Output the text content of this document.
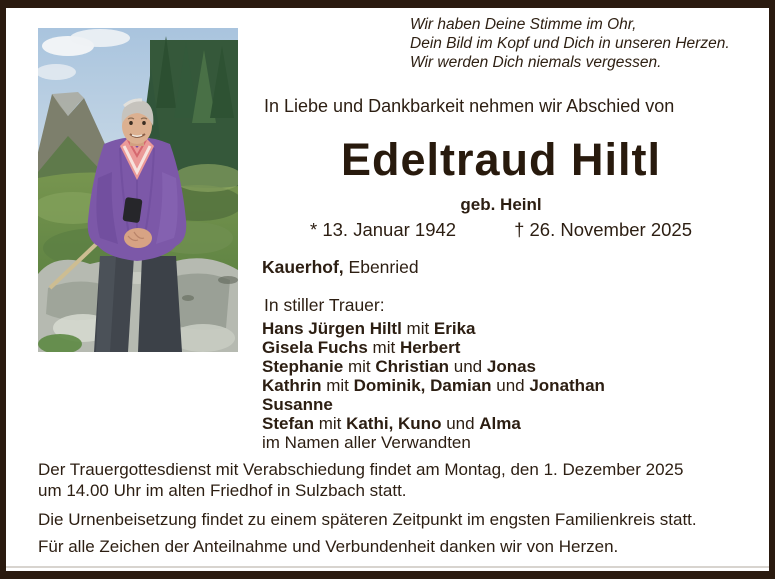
Wir haben Deine Stimme im Ohr,
Dein Bild im Kopf und Dich in unseren Herzen.
Wir werden Dich niemals vergessen.
In Liebe und Dankbarkeit nehmen wir Abschied von
Edeltraud Hiltl
geb. Heinl
* 13. Januar 1942	† 26. November 2025
Kauerhof, Ebenried
In stiller Trauer:
Hans Jürgen Hiltl mit Erika
Gisela Fuchs mit Herbert
Stephanie mit Christian und Jonas
Kathrin mit Dominik, Damian und Jonathan
Susanne
Stefan mit Kathi, Kuno und Alma
im Namen aller Verwandten
Der Trauergottesdienst mit Verabschiedung findet am Montag, den 1. Dezember 2025
um 14.00 Uhr im alten Friedhof in Sulzbach statt.
Die Urnenbeisetzung findet zu einem späteren Zeitpunkt im engsten Familienkreis statt.
Für alle Zeichen der Anteilnahme und Verbundenheit danken wir von Herzen.
